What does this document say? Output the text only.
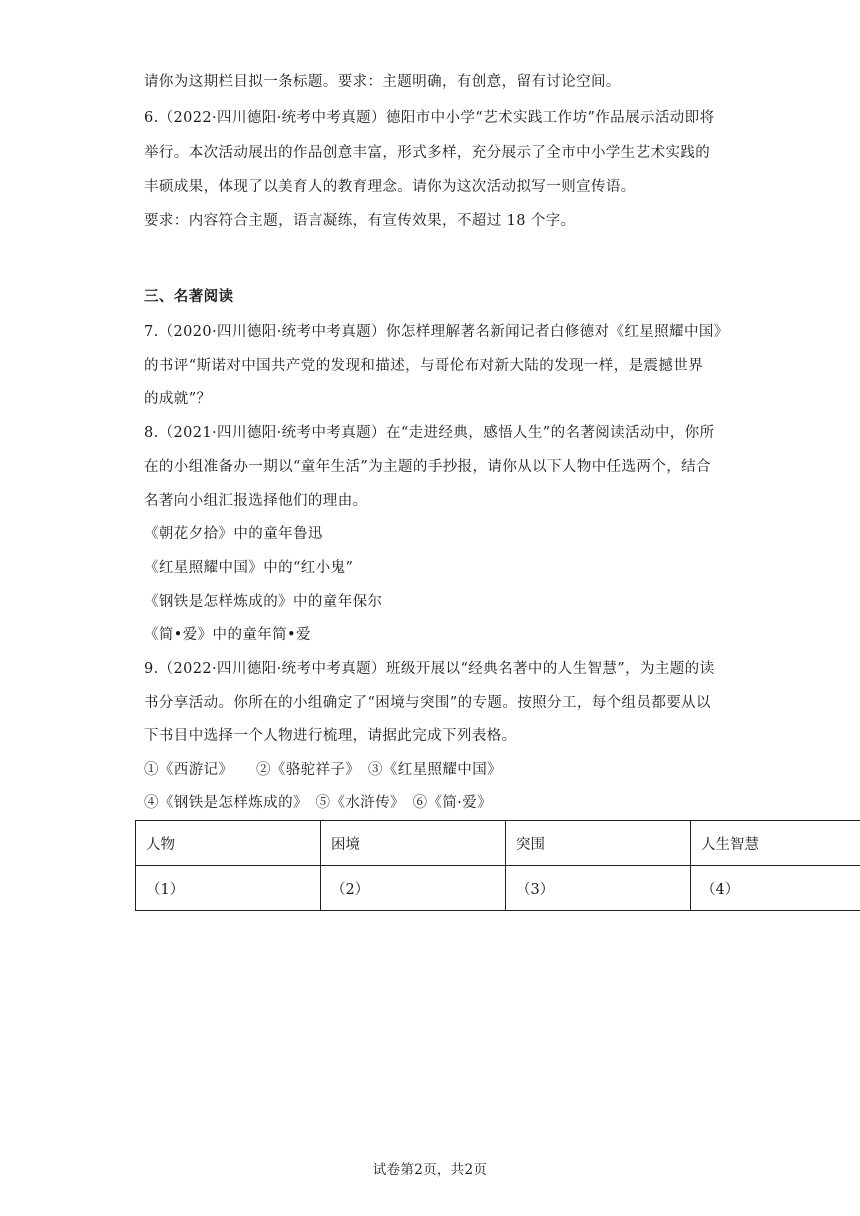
请你为这期栏目拟一条标题。要求：主题明确，有创意，留有讨论空间。
6.（2022·四川德阳·统考中考真题）德阳市中小学“艺术实践工作坊”作品展示活动即将
举行。本次活动展出的作品创意丰富，形式多样，充分展示了全市中小学生艺术实践的
丰硕成果，体现了以美育人的教育理念。请你为这次活动拟写一则宣传语。
要求：内容符合主题，语言凝练，有宣传效果，不超过 18 个字。
三、名著阅读
7.（2020·四川德阳·统考中考真题）你怎样理解著名新闻记者白修德对《红星照耀中国》
的书评“斯诺对中国共产党的发现和描述，与哥伦布对新大陆的发现一样，是震撼世界
的成就”？
8.（2021·四川德阳·统考中考真题）在“走进经典，感悟人生”的名著阅读活动中，你所
在的小组准备办一期以“童年生活”为主题的手抄报，请你从以下人物中任选两个，结合
名著向小组汇报选择他们的理由。
《朝花夕拾》中的童年鲁迅
《红星照耀中国》中的“红小鬼”
《钢铁是怎样炼成的》中的童年保尔
《简•爱》中的童年简•爱
9.（2022·四川德阳·统考中考真题）班级开展以“经典名著中的人生智慧”，为主题的读
书分享活动。你所在的小组确定了“困境与突围”的专题。按照分工，每个组员都要从以
下书目中选择一个人物进行梳理，请据此完成下列表格。
①《西游记》　　②《骆驼祥子》　③《红星照耀中国》
④《钢铁是怎样炼成的》　⑤《水浒传》　⑥《简·爱》
人物	困境	突围	人生智慧
（1）	（2）	（3）	（4）
试卷第2页，共2页
